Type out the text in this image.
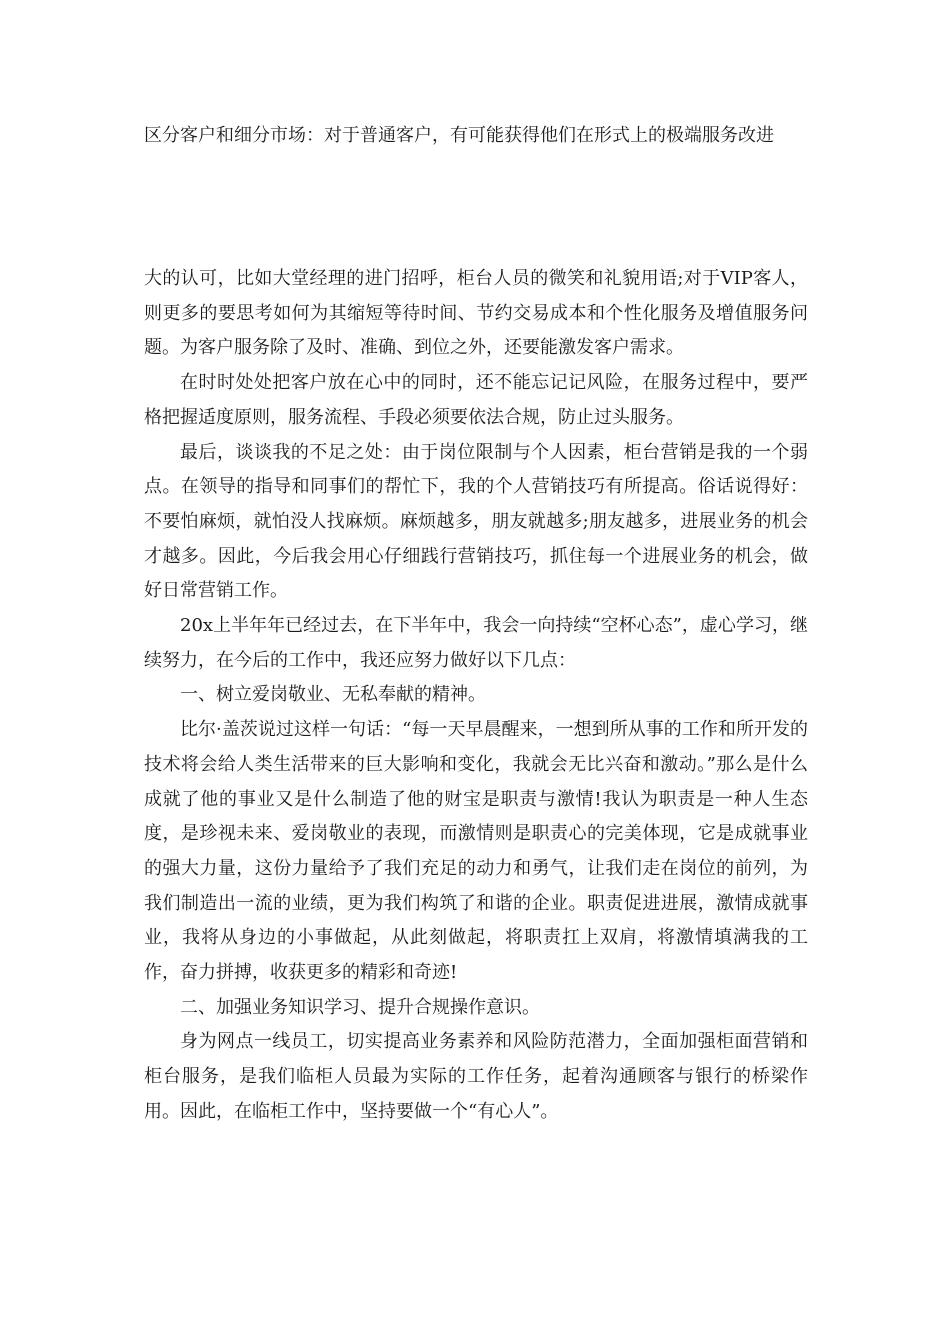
区分客户和细分市场：对于普通客户，有可能获得他们在形式上的极端服务改进

大的认可，比如大堂经理的进门招呼，柜台人员的微笑和礼貌用语;对于VIP客人，则更多的要思考如何为其缩短等待时间、节约交易成本和个性化服务及增值服务问题。为客户服务除了及时、准确、到位之外，还要能激发客户需求。

在时时处处把客户放在心中的同时，还不能忘记记风险，在服务过程中，要严格把握适度原则，服务流程、手段必须要依法合规，防止过头服务。

最后，谈谈我的不足之处：由于岗位限制与个人因素，柜台营销是我的一个弱点。在领导的指导和同事们的帮忙下，我的个人营销技巧有所提高。俗话说得好：不要怕麻烦，就怕没人找麻烦。麻烦越多，朋友就越多;朋友越多，进展业务的机会才越多。因此，今后我会用心仔细践行营销技巧，抓住每一个进展业务的机会，做好日常营销工作。

20x上半年年已经过去，在下半年中，我会一向持续“空杯心态”，虚心学习，继续努力，在今后的工作中，我还应努力做好以下几点：

一、树立爱岗敬业、无私奉献的精神。

比尔·盖茨说过这样一句话：“每一天早晨醒来，一想到所从事的工作和所开发的技术将会给人类生活带来的巨大影响和变化，我就会无比兴奋和激动。”那么是什么成就了他的事业又是什么制造了他的财宝是职责与激情!我认为职责是一种人生态度，是珍视未来、爱岗敬业的表现，而激情则是职责心的完美体现，它是成就事业的强大力量，这份力量给予了我们充足的动力和勇气，让我们走在岗位的前列，为我们制造出一流的业绩，更为我们构筑了和谐的企业。职责促进进展，激情成就事业，我将从身边的小事做起，从此刻做起，将职责扛上双肩，将激情填满我的工作，奋力拼搏，收获更多的精彩和奇迹!

二、加强业务知识学习、提升合规操作意识。

身为网点一线员工，切实提高业务素养和风险防范潜力，全面加强柜面营销和柜台服务，是我们临柜人员最为实际的工作任务，起着沟通顾客与银行的桥梁作用。因此，在临柜工作中，坚持要做一个“有心人”。
